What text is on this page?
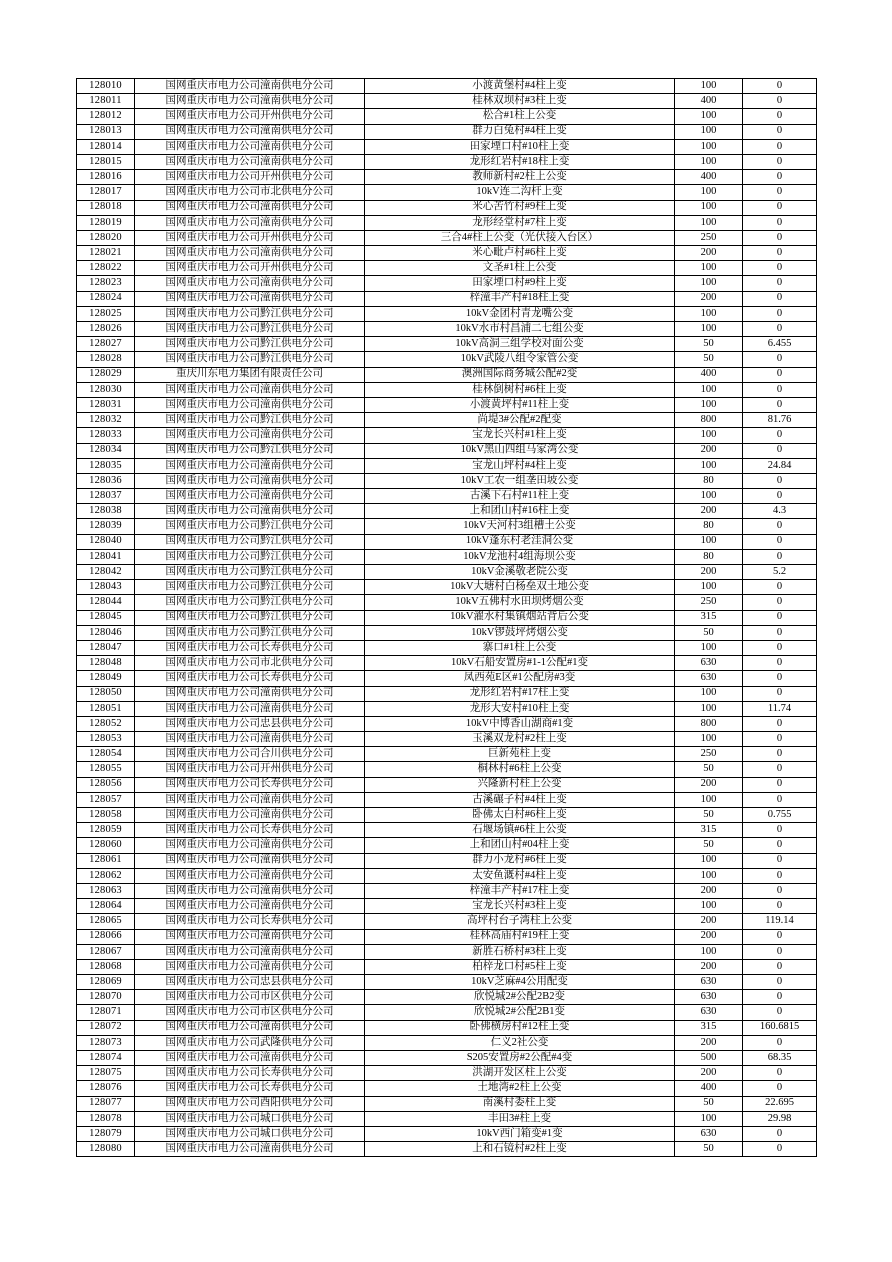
128010	国网重庆市电力公司潼南供电分公司	小渡黄堡村#4柱上变	100	0
128011	国网重庆市电力公司潼南供电分公司	桂林双坝村#3柱上变	400	0
128012	国网重庆市电力公司开州供电分公司	松合#1柱上公变	100	0
128013	国网重庆市电力公司潼南供电分公司	群力白兔村#4柱上变	100	0
128014	国网重庆市电力公司潼南供电分公司	田家堙口村#10柱上变	100	0
128015	国网重庆市电力公司潼南供电分公司	龙形红岩村#18柱上变	100	0
128016	国网重庆市电力公司开州供电分公司	教师新村#2柱上公变	400	0
128017	国网重庆市电力公司市北供电分公司	10kV连二沟杆上变	100	0
128018	国网重庆市电力公司潼南供电分公司	米心苦竹村#9柱上变	100	0
128019	国网重庆市电力公司潼南供电分公司	龙形经堂村#7柱上变	100	0
128020	国网重庆市电力公司开州供电分公司	三合4#柱上公变（光伏接入台区）	250	0
128021	国网重庆市电力公司潼南供电分公司	米心毗卢村#6柱上变	200	0
128022	国网重庆市电力公司开州供电分公司	文圣#1柱上公变	100	0
128023	国网重庆市电力公司潼南供电分公司	田家堙口村#9柱上变	100	0
128024	国网重庆市电力公司潼南供电分公司	梓潼丰产村#18柱上变	200	0
128025	国网重庆市电力公司黔江供电分公司	10kV金团村青龙嘴公变	100	0
128026	国网重庆市电力公司黔江供电分公司	10kV水市村昌浦二七组公变	100	0
128027	国网重庆市电力公司黔江供电分公司	10kV高洞三组学校对面公变	50	6.455
128028	国网重庆市电力公司黔江供电分公司	10kV武陵八组令家管公变	50	0
128029	重庆川东电力集团有限责任公司	澳洲国际商务城公配#2变	400	0
128030	国网重庆市电力公司潼南供电分公司	桂林倒树村#6柱上变	100	0
128031	国网重庆市电力公司潼南供电分公司	小渡黄坪村#11柱上变	100	0
128032	国网重庆市电力公司黔江供电分公司	尚堤3#公配#2配变	800	81.76
128033	国网重庆市电力公司潼南供电分公司	宝龙长兴村#1柱上变	100	0
128034	国网重庆市电力公司黔江供电分公司	10kV黑山四组马家湾公变	200	0
128035	国网重庆市电力公司潼南供电分公司	宝龙山坪村#4柱上变	100	24.84
128036	国网重庆市电力公司潼南供电分公司	10kV工农一组垄田坡公变	80	0
128037	国网重庆市电力公司潼南供电分公司	古溪下石村#11柱上变	100	0
128038	国网重庆市电力公司潼南供电分公司	上和团山村#16柱上变	200	4.3
128039	国网重庆市电力公司黔江供电分公司	10kV天河村3组槽土公变	80	0
128040	国网重庆市电力公司黔江供电分公司	10kV蓬东村老洼洞公变	100	0
128041	国网重庆市电力公司黔江供电分公司	10kV龙池村4组海坝公变	80	0
128042	国网重庆市电力公司黔江供电分公司	10kV金溪敬老院公变	200	5.2
128043	国网重庆市电力公司黔江供电分公司	10kV大塘村白杨垒双土地公变	100	0
128044	国网重庆市电力公司黔江供电分公司	10kV五佛村水田坝烤烟公变	250	0
128045	国网重庆市电力公司黔江供电分公司	10kV濯水村集镇烟站背后公变	315	0
128046	国网重庆市电力公司黔江供电分公司	10kV锣鼓坪烤烟公变	50	0
128047	国网重庆市电力公司长寿供电分公司	寨口#1柱上公变	100	0
128048	国网重庆市电力公司市北供电分公司	10kV石船安置房#1-1公配#1变	630	0
128049	国网重庆市电力公司长寿供电分公司	凤西苑E区#1公配房#3变	630	0
128050	国网重庆市电力公司潼南供电分公司	龙形红岩村#17柱上变	100	0
128051	国网重庆市电力公司潼南供电分公司	龙形大安村#10柱上变	100	11.74
128052	国网重庆市电力公司忠县供电分公司	10kV中博香山湖商#1变	800	0
128053	国网重庆市电力公司潼南供电分公司	玉溪双龙村#2柱上变	100	0
128054	国网重庆市电力公司合川供电分公司	巨新苑柱上变	250	0
128055	国网重庆市电力公司开州供电分公司	桐林村#6柱上公变	50	0
128056	国网重庆市电力公司长寿供电分公司	兴隆新村柱上公变	200	0
128057	国网重庆市电力公司潼南供电分公司	古溪碾子村#4柱上变	100	0
128058	国网重庆市电力公司潼南供电分公司	卧佛太白村#6柱上变	50	0.755
128059	国网重庆市电力公司长寿供电分公司	石堰场镇#6柱上公变	315	0
128060	国网重庆市电力公司潼南供电分公司	上和团山村#04柱上变	50	0
128061	国网重庆市电力公司潼南供电分公司	群力小龙村#6柱上变	100	0
128062	国网重庆市电力公司潼南供电分公司	太安鱼溉村#4柱上变	100	0
128063	国网重庆市电力公司潼南供电分公司	梓潼丰产村#17柱上变	200	0
128064	国网重庆市电力公司潼南供电分公司	宝龙长兴村#3柱上变	100	0
128065	国网重庆市电力公司长寿供电分公司	高坪村台子湾柱上公变	200	119.14
128066	国网重庆市电力公司潼南供电分公司	桂林高庙村#19柱上变	200	0
128067	国网重庆市电力公司潼南供电分公司	新胜石桥村#3柱上变	100	0
128068	国网重庆市电力公司潼南供电分公司	柏梓龙口村#5柱上变	200	0
128069	国网重庆市电力公司忠县供电分公司	10kV芝麻#4公用配变	630	0
128070	国网重庆市电力公司市区供电分公司	欣悦城2#公配2B2变	630	0
128071	国网重庆市电力公司市区供电分公司	欣悦城2#公配2B1变	630	0
128072	国网重庆市电力公司潼南供电分公司	卧佛横房村#12柱上变	315	160.6815
128073	国网重庆市电力公司武隆供电分公司	仁义2社公变	200	0
128074	国网重庆市电力公司潼南供电分公司	S205安置房#2公配#4变	500	68.35
128075	国网重庆市电力公司长寿供电分公司	洪湖开发区柱上公变	200	0
128076	国网重庆市电力公司长寿供电分公司	土地湾#2柱上公变	400	0
128077	国网重庆市电力公司酉阳供电分公司	南溪村委柱上变	50	22.695
128078	国网重庆市电力公司城口供电分公司	丰田3#柱上变	100	29.98
128079	国网重庆市电力公司城口供电分公司	10kV西门箱变#1变	630	0
128080	国网重庆市电力公司潼南供电分公司	上和石镜村#2柱上变	50	0
